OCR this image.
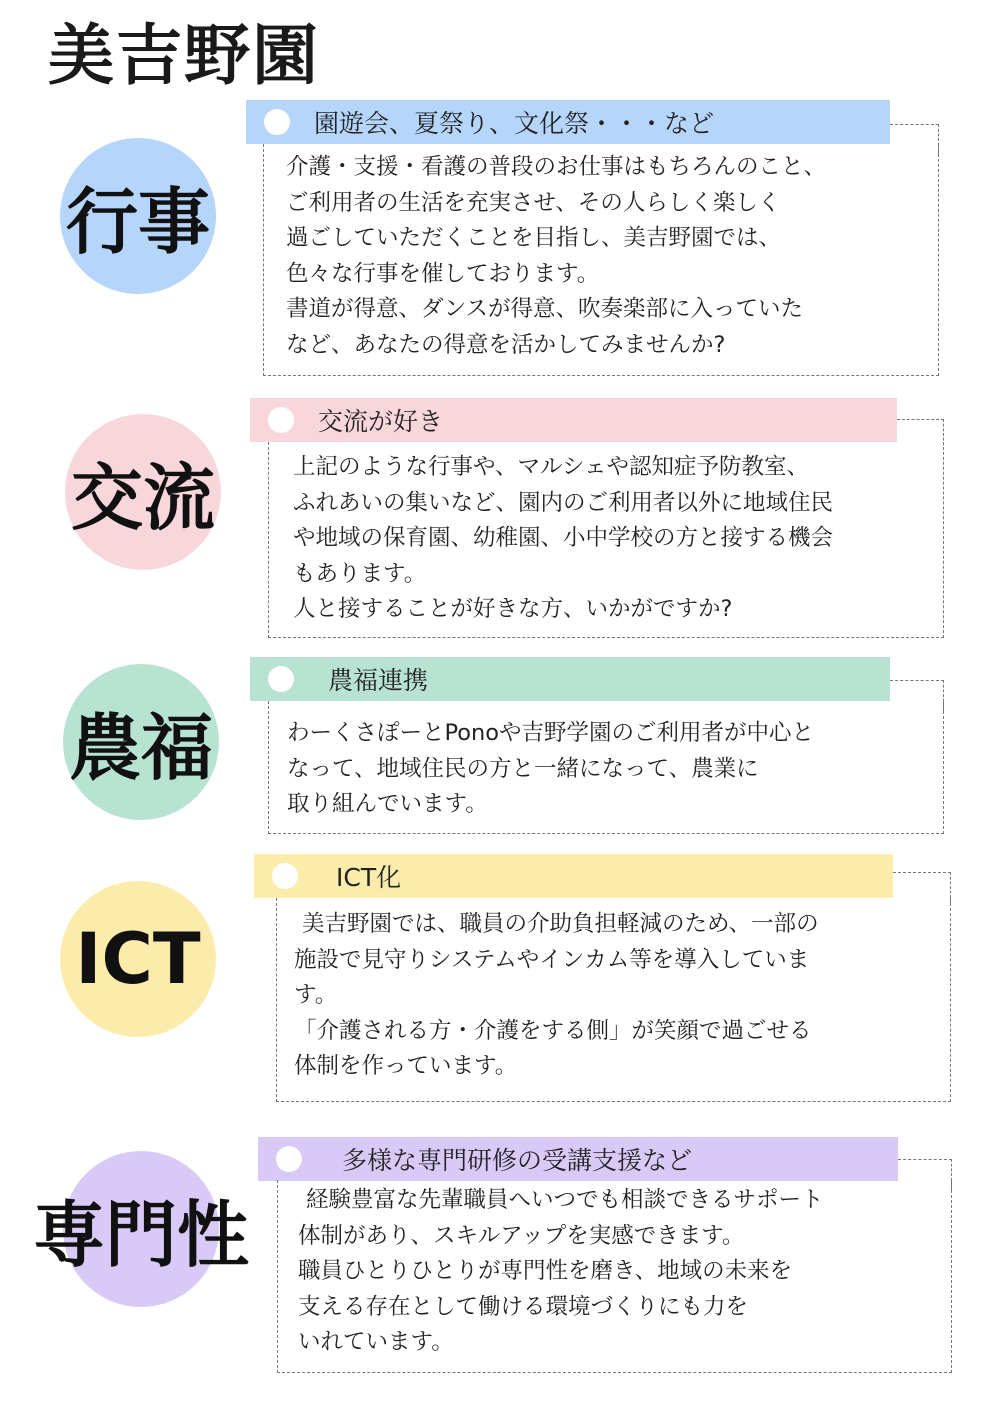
美吉野園
行事
園遊会、夏祭り、文化祭・・・など

介護・支援・看護の普段のお仕事はもちろんのこと、

ご利用者の生活を充実させ、その人らしく楽しく

過ごしていただくことを目指し、美吉野園では、

色々な行事を催しております。

書道が得意、ダンスが得意、吹奏楽部に入っていた

など、あなたの得意を活かしてみませんか?

交流
交流が好き

上記のような行事や、マルシェや認知症予防教室、

ふれあいの集いなど、園内のご利用者以外に地域住民

や地域の保育園、幼稚園、小中学校の方と接する機会

もあります。

人と接することが好きな方、いかがですか?

農福
農福連携

わーくさぽーとPonoや吉野学園のご利用者が中心と

なって、地域住民の方と一緒になって、農業に

取り組んでいます。

ICT
ICT化

美吉野園では、職員の介助負担軽減のため、一部の

施設で見守りシステムやインカム等を導入していま

す。

「介護される方・介護をする側」が笑顔で過ごせる

体制を作っています。

専門性
多様な専門研修の受講支援など

経験豊富な先輩職員へいつでも相談できるサポート

体制があり、スキルアップを実感できます。

職員ひとりひとりが専門性を磨き、地域の未来を

支える存在として働ける環境づくりにも力を

いれています。
